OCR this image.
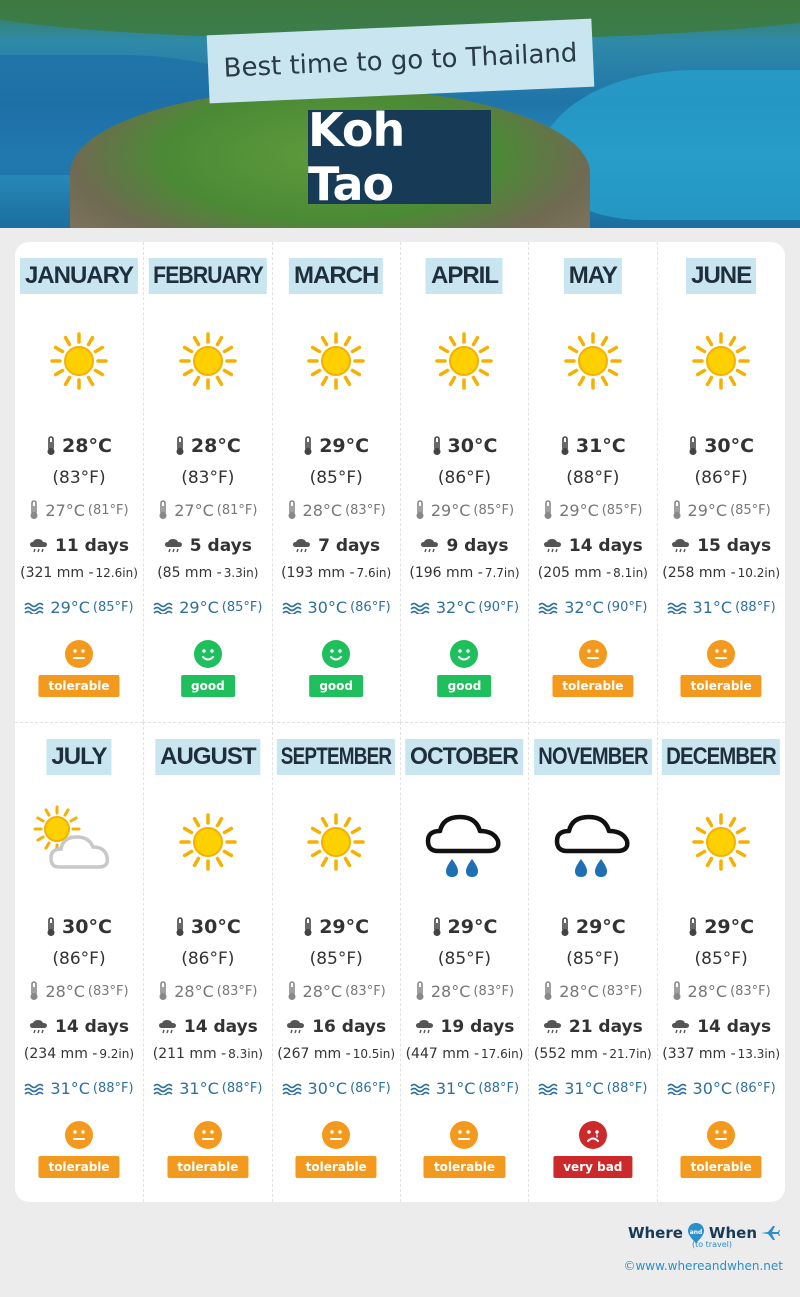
Best time to go to Thailand
Koh Tao
JANUARY
28°C
(83°F)
27°C (81°F)
11 days
(321 mm - 12.6in)
29°C (85°F)
tolerable
FEBRUARY
28°C
(83°F)
27°C (81°F)
5 days
(85 mm - 3.3in)
29°C (85°F)
good
MARCH
29°C
(85°F)
28°C (83°F)
7 days
(193 mm - 7.6in)
30°C (86°F)
good
APRIL
30°C
(86°F)
29°C (85°F)
9 days
(196 mm - 7.7in)
32°C (90°F)
good
MAY
31°C
(88°F)
29°C (85°F)
14 days
(205 mm - 8.1in)
32°C (90°F)
tolerable
JUNE
30°C
(86°F)
29°C (85°F)
15 days
(258 mm - 10.2in)
31°C (88°F)
tolerable
JULY
30°C
(86°F)
28°C (83°F)
14 days
(234 mm - 9.2in)
31°C (88°F)
tolerable
AUGUST
30°C
(86°F)
28°C (83°F)
14 days
(211 mm - 8.3in)
31°C (88°F)
tolerable
SEPTEMBER
29°C
(85°F)
28°C (83°F)
16 days
(267 mm - 10.5in)
30°C (86°F)
tolerable
OCTOBER
29°C
(85°F)
28°C (83°F)
19 days
(447 mm - 17.6in)
31°C (88°F)
tolerable
NOVEMBER
29°C
(85°F)
28°C (83°F)
21 days
(552 mm - 21.7in)
31°C (88°F)
very bad
DECEMBER
29°C
(85°F)
28°C (83°F)
14 days
(337 mm - 13.3in)
30°C (86°F)
tolerable
Where and When
(to travel)
©www.whereandwhen.net
